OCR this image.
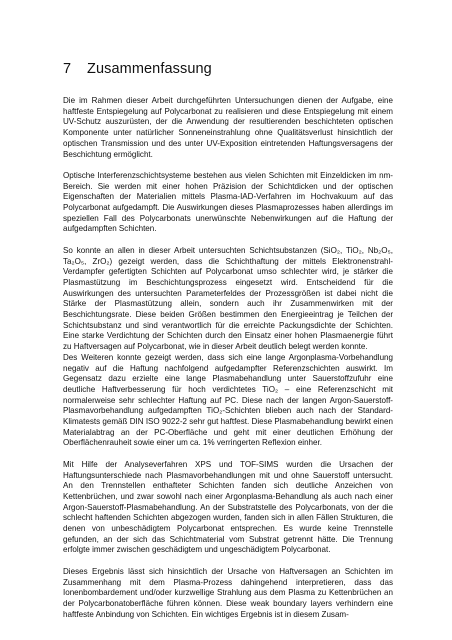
7 Zusammenfassung

Die im Rahmen dieser Arbeit durchgeführten Untersuchungen dienen der Aufgabe, eine haftfeste Entspiegelung auf Polycarbonat zu realisieren und diese Entspiegelung mit einem UV-Schutz auszurüsten, der die Anwendung der resultierenden beschichteten optischen Komponente unter natürlicher Sonneneinstrahlung ohne Qualitätsverlust hinsichtlich der optischen Transmission und des unter UV-Exposition eintretenden Haftungsversagens der Beschichtung ermöglicht.

Optische Interferenzschichtsysteme bestehen aus vielen Schichten mit Einzeldicken im nm-Bereich. Sie werden mit einer hohen Präzision der Schichtdicken und der optischen Eigenschaften der Materialien mittels Plasma-IAD-Verfahren im Hochvakuum auf das Polycarbonat aufgedampft. Die Auswirkungen dieses Plasmaprozesses haben allerdings im speziellen Fall des Polycarbonats unerwünschte Nebenwirkungen auf die Haftung der aufgedampften Schichten.

So konnte an allen in dieser Arbeit untersuchten Schichtsubstanzen (SiO₂, TiO₂, Nb₂O₅, Ta₂O₅, ZrO₂) gezeigt werden, dass die Schichthaftung der mittels Elektronenstrahl-Verdampfer gefertigten Schichten auf Polycarbonat umso schlechter wird, je stärker die Plasmastützung im Beschichtungsprozess eingesetzt wird. Entscheidend für die Auswirkungen des untersuchten Parameterfeldes der Prozessgrößen ist dabei nicht die Stärke der Plasmastützung allein, sondern auch ihr Zusammenwirken mit der Beschichtungsrate. Diese beiden Größen bestimmen den Energieeintrag je Teilchen der Schichtsubstanz und sind verantwortlich für die erreichte Packungsdichte der Schichten. Eine starke Verdichtung der Schichten durch den Einsatz einer hohen Plasmaenergie führt zu Haftversagen auf Polycarbonat, wie in dieser Arbeit deutlich belegt werden konnte.

Des Weiteren konnte gezeigt werden, dass sich eine lange Argonplasma-Vorbehandlung negativ auf die Haftung nachfolgend aufgedampfter Referenzschichten auswirkt. Im Gegensatz dazu erzielte eine lange Plasmabehandlung unter Sauerstoffzufuhr eine deutliche Haftverbesserung für hoch verdichtetes TiO₂ – eine Referenzschicht mit normalerweise sehr schlechter Haftung auf PC. Diese nach der langen Argon-Sauerstoff-Plasmavorbehandlung aufgedampften TiO₂-Schichten blieben auch nach der Standard-Klimatests gemäß DIN ISO 9022-2 sehr gut haftfest. Diese Plasmabehandlung bewirkt einen Materialabtrag an der PC-Oberfläche und geht mit einer deutlichen Erhöhung der Oberflächenrauheit sowie einer um ca. 1% verringerten Reflexion einher.

Mit Hilfe der Analyseverfahren XPS und TOF-SIMS wurden die Ursachen der Haftungsunterschiede nach Plasmavorbehandlungen mit und ohne Sauerstoff untersucht. An den Trennstellen enthafteter Schichten fanden sich deutliche Anzeichen von Kettenbrüchen, und zwar sowohl nach einer Argonplasma-Behandlung als auch nach einer Argon-Sauerstoff-Plasmabehandlung. An der Substratstelle des Polycarbonats, von der die schlecht haftenden Schichten abgezogen wurden, fanden sich in allen Fällen Strukturen, die denen von unbeschädigtem Polycarbonat entsprechen. Es wurde keine Trennstelle gefunden, an der sich das Schichtmaterial vom Substrat getrennt hätte. Die Trennung erfolgte immer zwischen geschädigtem und ungeschädigtem Polycarbonat.

Dieses Ergebnis lässt sich hinsichtlich der Ursache von Haftversagen an Schichten im Zusammenhang mit dem Plasma-Prozess dahingehend interpretieren, dass das Ionenbombardement und/oder kurzwellige Strahlung aus dem Plasma zu Kettenbrüchen an der Polycarbonatoberfläche führen können. Diese weak boundary layers verhindern eine haftfeste Anbindung von Schichten. Ein wichtiges Ergebnis ist in diesem Zusam-
